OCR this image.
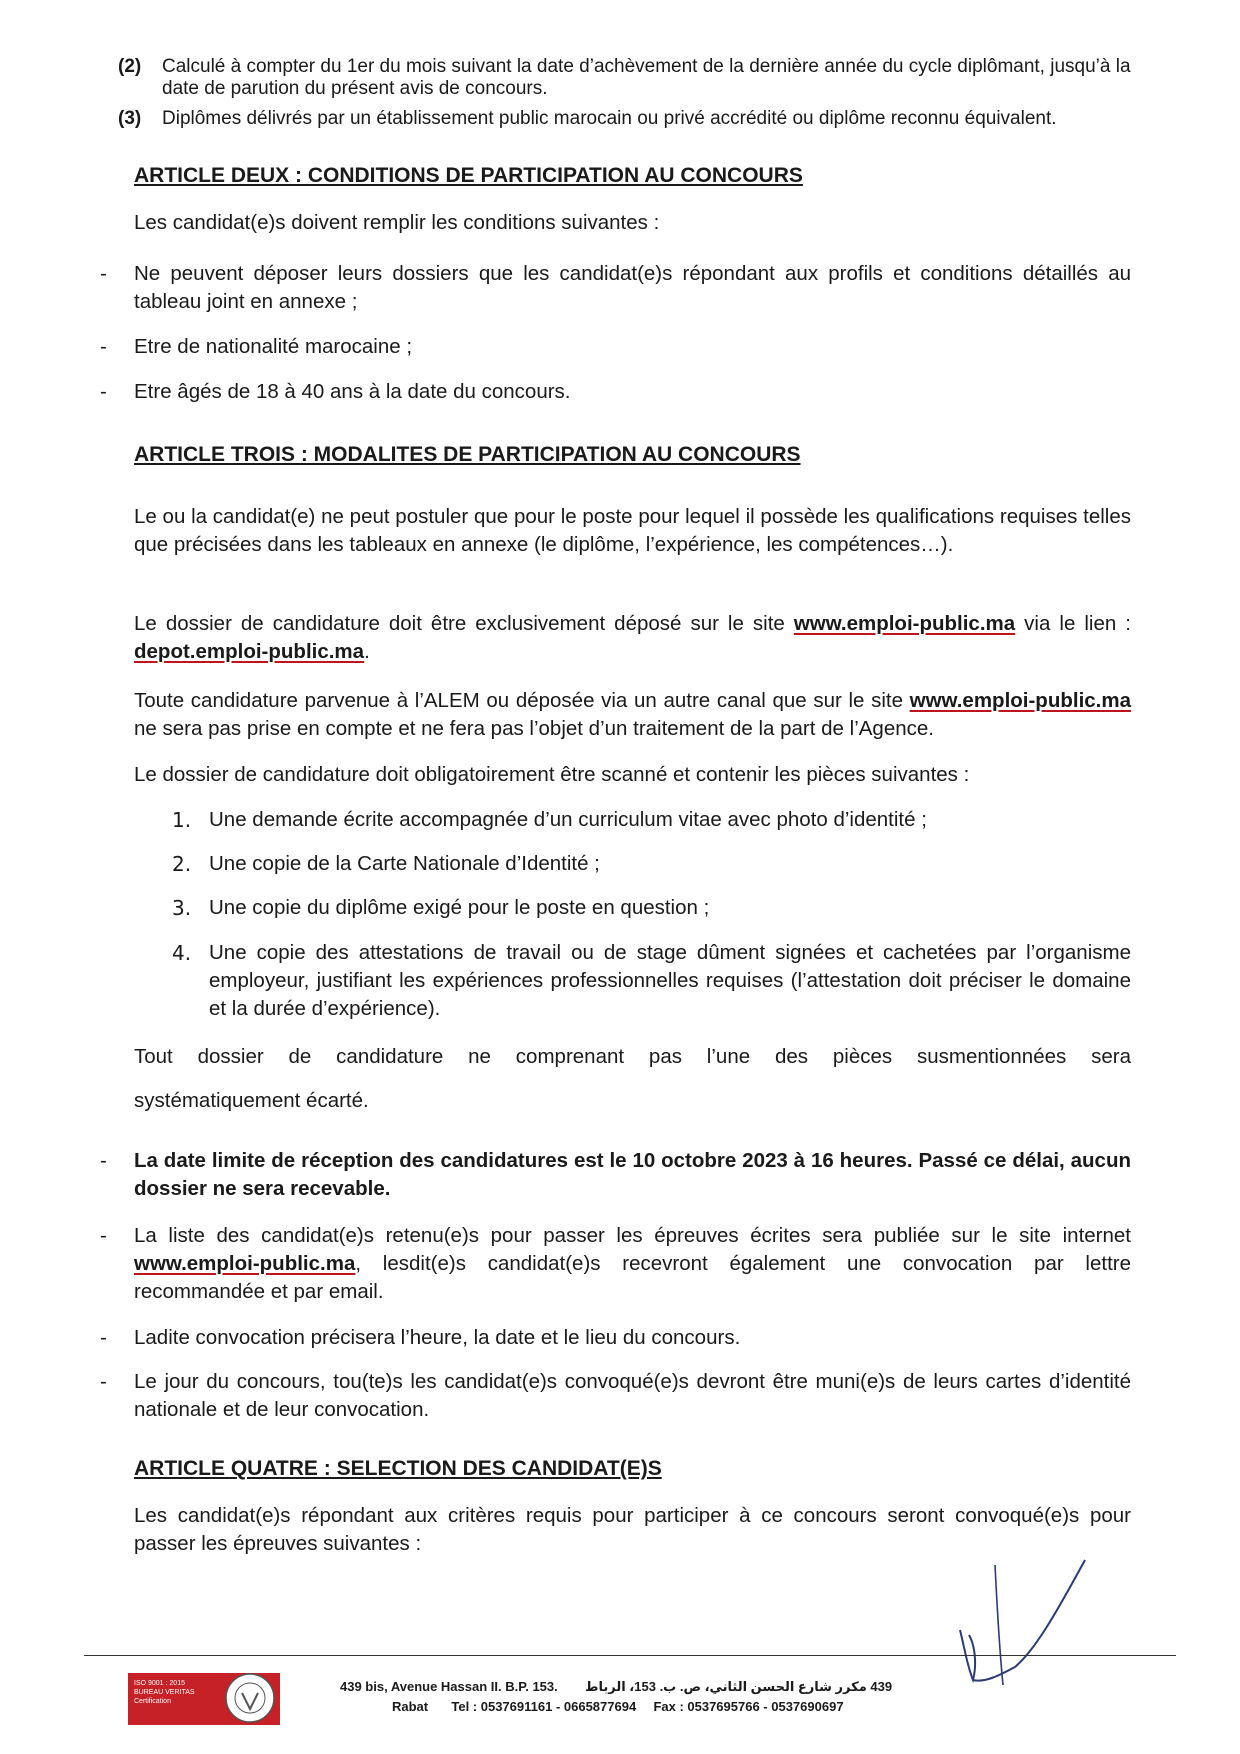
(2) Calculé à compter du 1er du mois suivant la date d’achèvement de la dernière année du cycle diplômant, jusqu’à la date de parution du présent avis de concours.
(3) Diplômes délivrés par un établissement public marocain ou privé accrédité ou diplôme reconnu équivalent.
ARTICLE DEUX : CONDITIONS DE PARTICIPATION AU CONCOURS
Les candidat(e)s doivent remplir les conditions suivantes :
- Ne peuvent déposer leurs dossiers que les candidat(e)s répondant aux profils et conditions détaillés au tableau joint en annexe ;
- Etre de nationalité marocaine ;
- Etre âgés de 18 à 40 ans à la date du concours.
ARTICLE TROIS : MODALITES DE PARTICIPATION AU CONCOURS
Le ou la candidat(e) ne peut postuler que pour le poste pour lequel il possède les qualifications requises telles que précisées dans les tableaux en annexe (le diplôme, l’expérience, les compétences…).
Le dossier de candidature doit être exclusivement déposé sur le site www.emploi-public.ma via le lien : depot.emploi-public.ma.
Toute candidature parvenue à l’ALEM ou déposée via un autre canal que sur le site www.emploi-public.ma ne sera pas prise en compte et ne fera pas l’objet d’un traitement de la part de l’Agence.
Le dossier de candidature doit obligatoirement être scanné et contenir les pièces suivantes :
1. Une demande écrite accompagnée d’un curriculum vitae avec photo d’identité ;
2. Une copie de la Carte Nationale d’Identité ;
3. Une copie du diplôme exigé pour le poste en question ;
4. Une copie des attestations de travail ou de stage dûment signées et cachetées par l’organisme employeur, justifiant les expériences professionnelles requises (l’attestation doit préciser le domaine et la durée d’expérience).
Tout dossier de candidature ne comprenant pas l’une des pièces susmentionnées sera
systématiquement écarté.
- La date limite de réception des candidatures est le 10 octobre 2023 à 16 heures. Passé ce délai, aucun dossier ne sera recevable.
- La liste des candidat(e)s retenu(e)s pour passer les épreuves écrites sera publiée sur le site internet www.emploi-public.ma, lesdit(e)s candidat(e)s recevront également une convocation par lettre recommandée et par email.
- Ladite convocation précisera l’heure, la date et le lieu du concours.
- Le jour du concours, tou(te)s les candidat(e)s convoqué(e)s devront être muni(e)s de leurs cartes d’identité nationale et de leur convocation.
ARTICLE QUATRE : SELECTION DES CANDIDAT(E)S
Les candidat(e)s répondant aux critères requis pour participer à ce concours seront convoqué(e)s pour passer les épreuves suivantes :
ISO 9001 : 2015
BUREAU VERITAS
Certification
439 bis, Avenue Hassan II. B.P. 153. 439 مكرر شارع الحسن الثاني، ص. ب. 153، الرباط
Rabat Tel : 0537691161 - 0665877694 Fax : 0537695766 - 0537690697
